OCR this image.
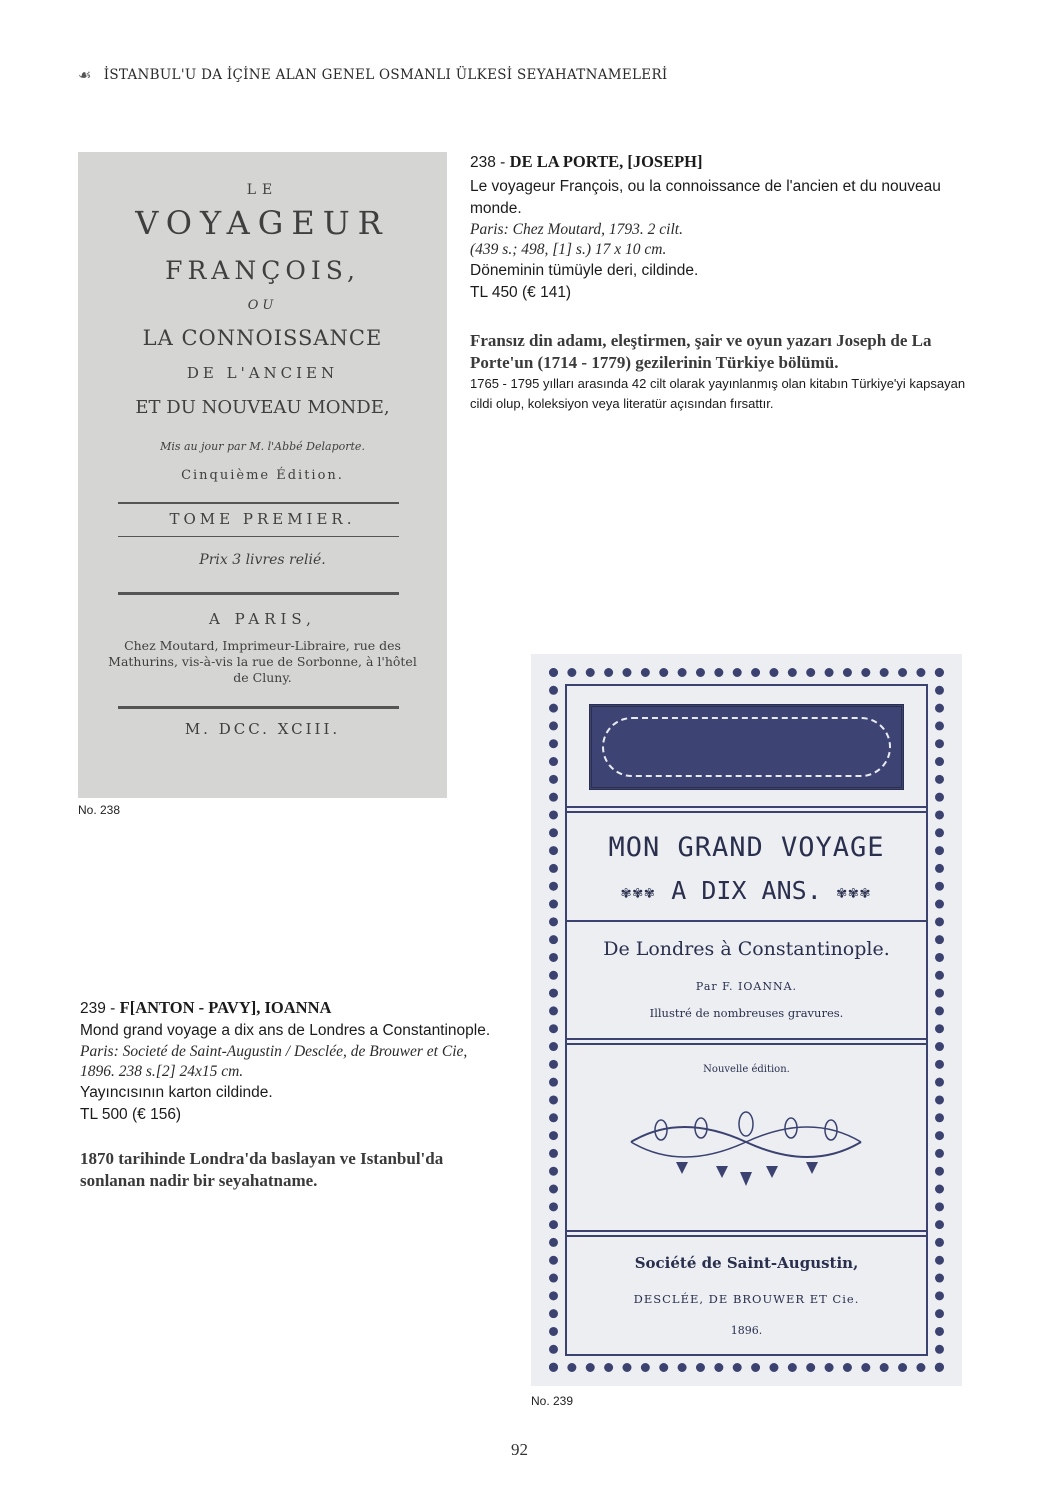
☙ İSTANBUL'U DA İÇİNE ALAN GENEL OSMANLI ÜLKESİ SEYAHATNAMELERİ
LE
VOYAGEUR
FRANÇOIS,
OU
LA CONNOISSANCE
DE L'ANCIEN
ET DU NOUVEAU MONDE,
Mis au jour par M. l'Abbé Delaporte.
Cinquième Édition.
TOME PREMIER.
Prix 3 livres relié.
A PARIS,
Chez Moutard, Imprimeur-Libraire, rue des Mathurins, vis-à-vis la rue de Sorbonne, à l'hôtel de Cluny.
M. DCC. XCIII.
No. 238

238 - DE LA PORTE, [JOSEPH]

Le voyageur François, ou la connoissance de l'ancien et du nouveau monde.

Paris: Chez Moutard, 1793. 2 cilt.

(439 s.; 498, [1] s.) 17 x 10 cm.

Döneminin tümüyle deri, cildinde.

TL 450 (€ 141)

Fransız din adamı, eleştirmen, şair ve oyun yazarı Joseph de La Porte'un (1714 - 1779) gezilerinin Türkiye bölümü.

1765 - 1795 yılları arasında 42 cilt olarak yayınlanmış olan kitabın Türkiye'yi kapsayan cildi olup, koleksiyon veya literatür açısından fırsattır.

239 - F[ANTON - PAVY], IOANNA

Mond grand voyage a dix ans de Londres a Constantinople.

Paris: Societé de Saint-Augustin / Desclée, de Brouwer et Cie,

1896. 238 s.[2] 24x15 cm.

Yayıncısının karton cildinde.

TL 500 (€ 156)

1870 tarihinde Londra'da baslayan ve Istanbul'da sonlanan nadir bir seyahatname.

MON GRAND VOYAGE
✾✾✾ A DIX ANS. ✾✾✾
De Londres à Constantinople.
Par F. IOANNA.
Illustré de nombreuses gravures.
Nouvelle édition.
Société de Saint-Augustin,
DESCLÉE, DE BROUWER ET Cie.
1896.
No. 239
92
